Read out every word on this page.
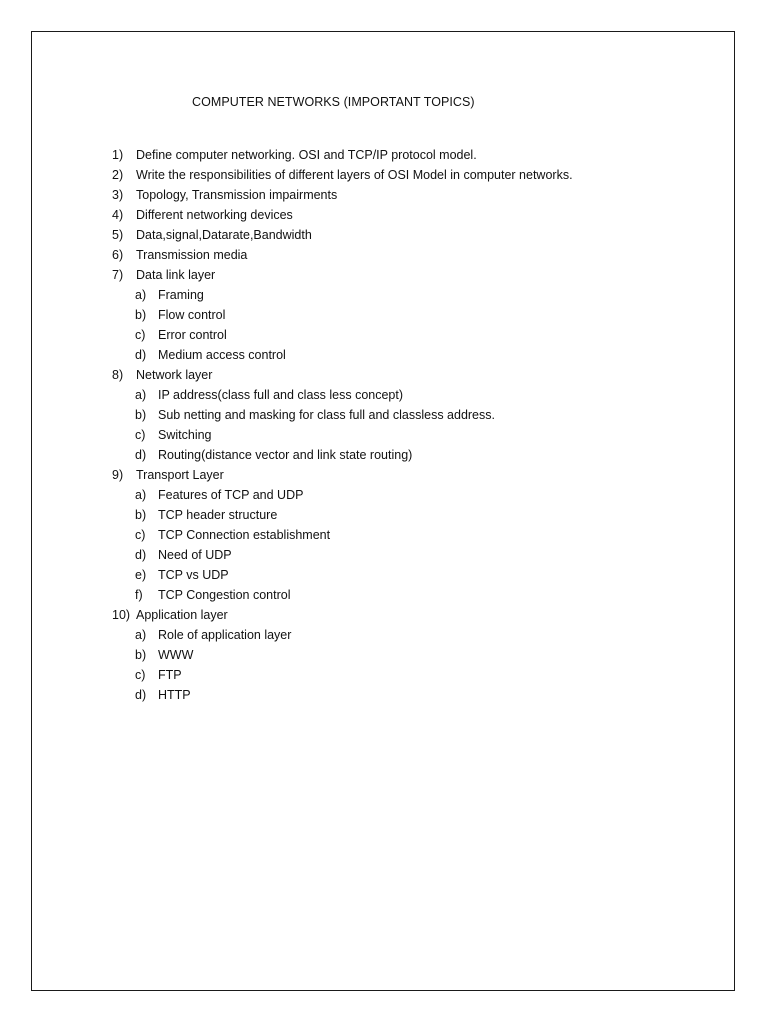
COMPUTER NETWORKS (IMPORTANT TOPICS)
1) Define computer networking. OSI and TCP/IP protocol model.
2) Write the responsibilities of different layers of OSI Model in computer networks.
3) Topology, Transmission impairments
4) Different networking devices
5) Data,signal,Datarate,Bandwidth
6) Transmission media
7) Data link layer
a) Framing
b) Flow control
c) Error control
d) Medium access control
8) Network layer
a) IP address(class full and class less concept)
b) Sub netting and masking for class full and classless address.
c) Switching
d) Routing(distance vector and link state routing)
9) Transport Layer
a) Features of TCP and UDP
b) TCP header structure
c) TCP Connection establishment
d) Need of UDP
e) TCP vs UDP
f) TCP Congestion control
10) Application layer
a) Role of application layer
b) WWW
c) FTP
d) HTTP
